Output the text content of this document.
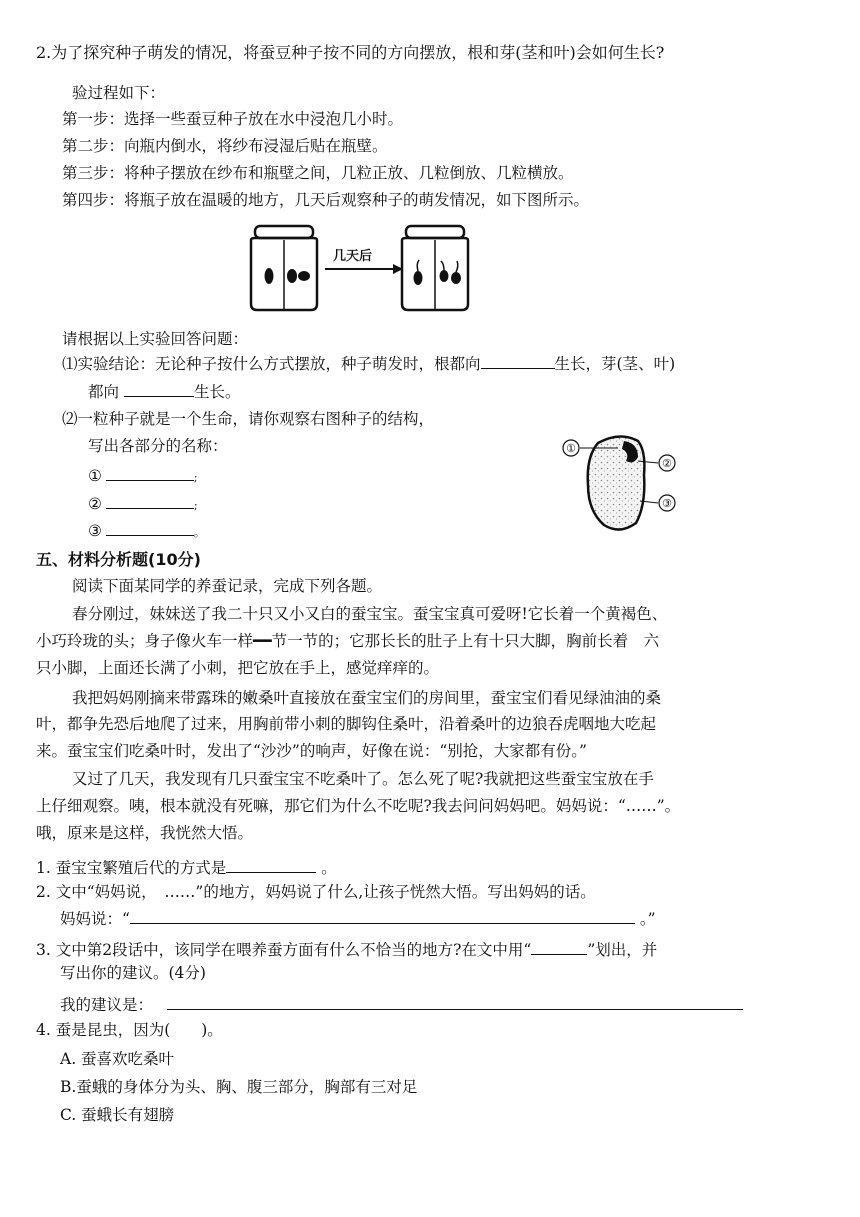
2.为了探究种子萌发的情况，将蚕豆种子按不同的方向摆放，根和芽(茎和叶)会如何生长?
验过程如下：
第一步：选择一些蚕豆种子放在水中浸泡几小时。
第二步：向瓶内倒水，将纱布浸湿后贴在瓶壁。
第三步：将种子摆放在纱布和瓶壁之间，几粒正放、几粒倒放、几粒横放。
第四步：将瓶子放在温暖的地方，几天后观察种子的萌发情况，如下图所示。
几天后
请根据以上实验回答问题：
⑴实验结论：无论种子按什么方式摆放，种子萌发时，根都向	生长，芽(茎、叶)
都向	生长。
⑵一粒种子就是一个生命，请你观察右图种子的结构，
写出各部分的名称：
①	;
②	;
③	。
①
②
③
五、材料分析题(10分)
阅读下面某同学的养蚕记录，完成下列各题。
春分刚过，妹妹送了我二十只又小又白的蚕宝宝。蚕宝宝真可爱呀!它长着一个黄褐色、
小巧玲珑的头；身子像火车一样━━节一节的；它那长长的肚子上有十只大脚，胸前长着　六
只小脚，上面还长满了小刺，把它放在手上，感觉痒痒的。
我把妈妈刚摘来带露珠的嫩桑叶直接放在蚕宝宝们的房间里，蚕宝宝们看见绿油油的桑
叶，都争先恐后地爬了过来，用胸前带小刺的脚钩住桑叶，沿着桑叶的边狼吞虎咽地大吃起
来。蚕宝宝们吃桑叶时，发出了“沙沙”的响声，好像在说：“别抢，大家都有份。”
又过了几天，我发现有几只蚕宝宝不吃桑叶了。怎么死了呢?我就把这些蚕宝宝放在手
上仔细观察。咦，根本就没有死嘛，那它们为什么不吃呢?我去问问妈妈吧。妈妈说：“……”。
哦，原来是这样，我恍然大悟。
1. 蚕宝宝繁殖后代的方式是	。
2. 文中“妈妈说，　……”的地方，妈妈说了什么,让孩子恍然大悟。写出妈妈的话。
妈妈说：“	。”
3. 文中第2段话中，该同学在喂养蚕方面有什么不恰当的地方?在文中用“	”划出，并
写出你的建议。(4分)
我的建议是：
4. 蚕是昆虫，因为(　　)。
A. 蚕喜欢吃桑叶
B.蚕蛾的身体分为头、胸、腹三部分，胸部有三对足
C. 蚕蛾长有翅膀
